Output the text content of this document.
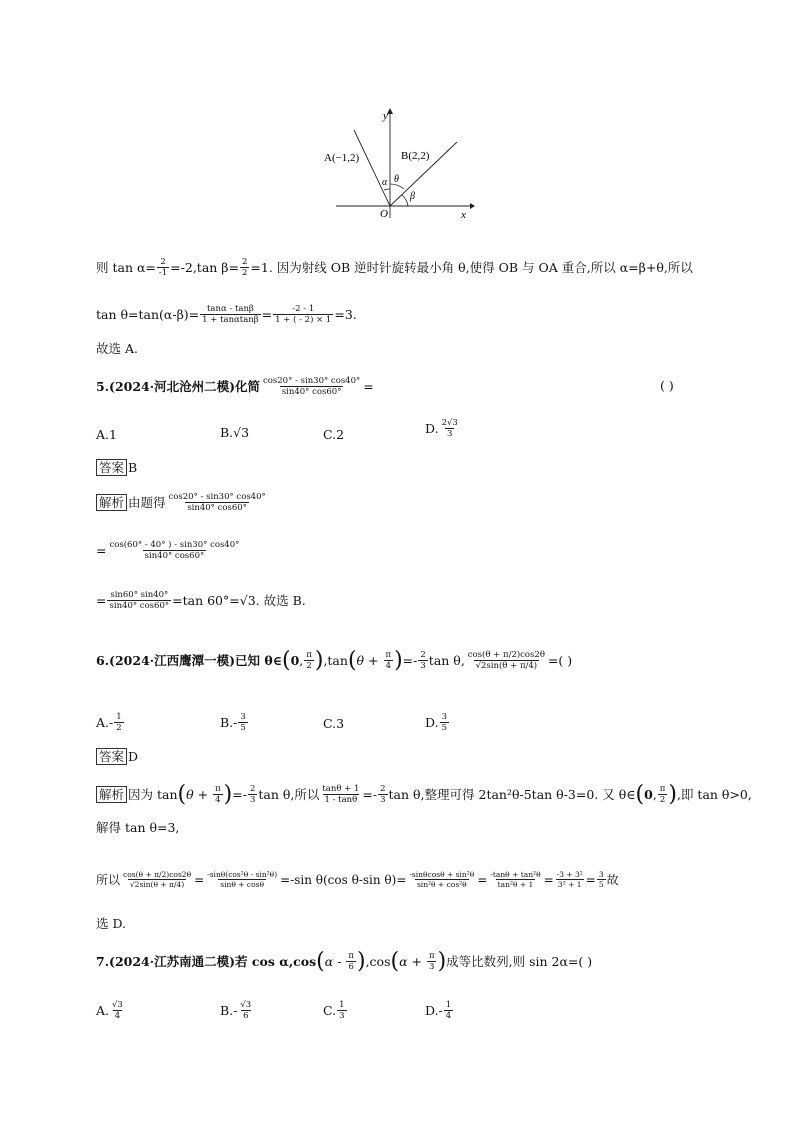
y
x
O
A(−1,2)	B(2,2)
α θ
β
则 $\tan \alpha= \frac{2}{-1} =-2,\tan$ $\beta= \frac{2}{2} =1$. 因为射线 OB 逆时针旋转最小角 θ,使得 OB 与 OA 重合,所以 α=β+θ,所以
$\tan \theta=\tan(\alpha-\beta)= \frac{\tan\alpha - \tan\beta}{1 + \tan\alpha\tan\beta} = \frac{-2 - 1}{1 + ( - 2) \times 1} =3$.
故选 A.
5.(2024·河北沧州二模)化简 $\frac{\cos 20^\circ - \sin 30^\circ \cos 40^\circ}{\sin 40^\circ \cos 60^\circ}$ =	( )
A.1	B. √3	C.2	D. $\frac{2√3}{3}$
答案 B
解析 由题得 $\frac{\cos 20^\circ - \sin 30^\circ \cos 40^\circ}{\sin 40^\circ \cos 60^\circ}$
= $\frac{\cos(60^\circ - 40^\circ ) - \sin 30^\circ \cos 40^\circ}{\sin 40^\circ \cos 60^\circ}$
= $\frac{\sin 60^\circ \sin 40^\circ}{\sin 40^\circ \cos 60^\circ} =\tan$ 60°=√3. 故选 B.
6.(2024·江西鹰潭一模)已知 θ∈ ( 0 , $\frac{\pi}{2}$ ) ,tan ( $\theta + \frac{\pi}{4}$ ) =- $\frac{2}{3}$ tan θ, $\frac{\cos(\theta + \pi/2)\cos 2\theta}{√2\sin(\theta + \pi/4)}$ =( )
$A.- \frac{1}{2}$	$B.- \frac{3}{5}$	C.3	D. $\frac{3}{5}$
答案 D
解析 因为 tan ( $\theta + \frac{\pi}{4}$ ) =- $\frac{2}{3}$ tan θ,所以 $\frac{\tan\theta + 1}{1 - \tan\theta} =- \frac{2}{3}$ tan θ,整理可得 2tan²θ-5tan θ-3=0. 又 θ∈ ( 0 , $\frac{\pi}{2}$ ) ,即 tan θ>0,
解得 tan θ=3,
所以 $\frac{\cos(\theta + \pi/2)\cos 2\theta}{√2\sin(\theta + \pi/4)} = \frac{\text{-sinθ(cos²θ - sin²θ)}}{\sin\theta + \cos\theta} =-\sin$ θ(cos θ-sin $\theta)= \frac{\text{-sinθcosθ + sin²θ}}{\text{sin²θ + cos²θ}} = \frac{\text{-tanθ + tan²θ}}{\text{tan²θ + 1}} = \frac{\text{-3 + 3²}}{\text{3² + 1}} = \frac{3}{5}$ 故
选 D.
7.(2024·江苏南通二模)若 cos α,cos ( α - $\frac{\pi}{6}$ ) ,cos ( $\alpha + \frac{\pi}{3}$ ) 成等比数列,则 sin 2α=( )
A. $\frac{√3}{4}$	$B.- \frac{√3}{6}$	C. $\frac{1}{3}$	$D.- \frac{1}{4}$
